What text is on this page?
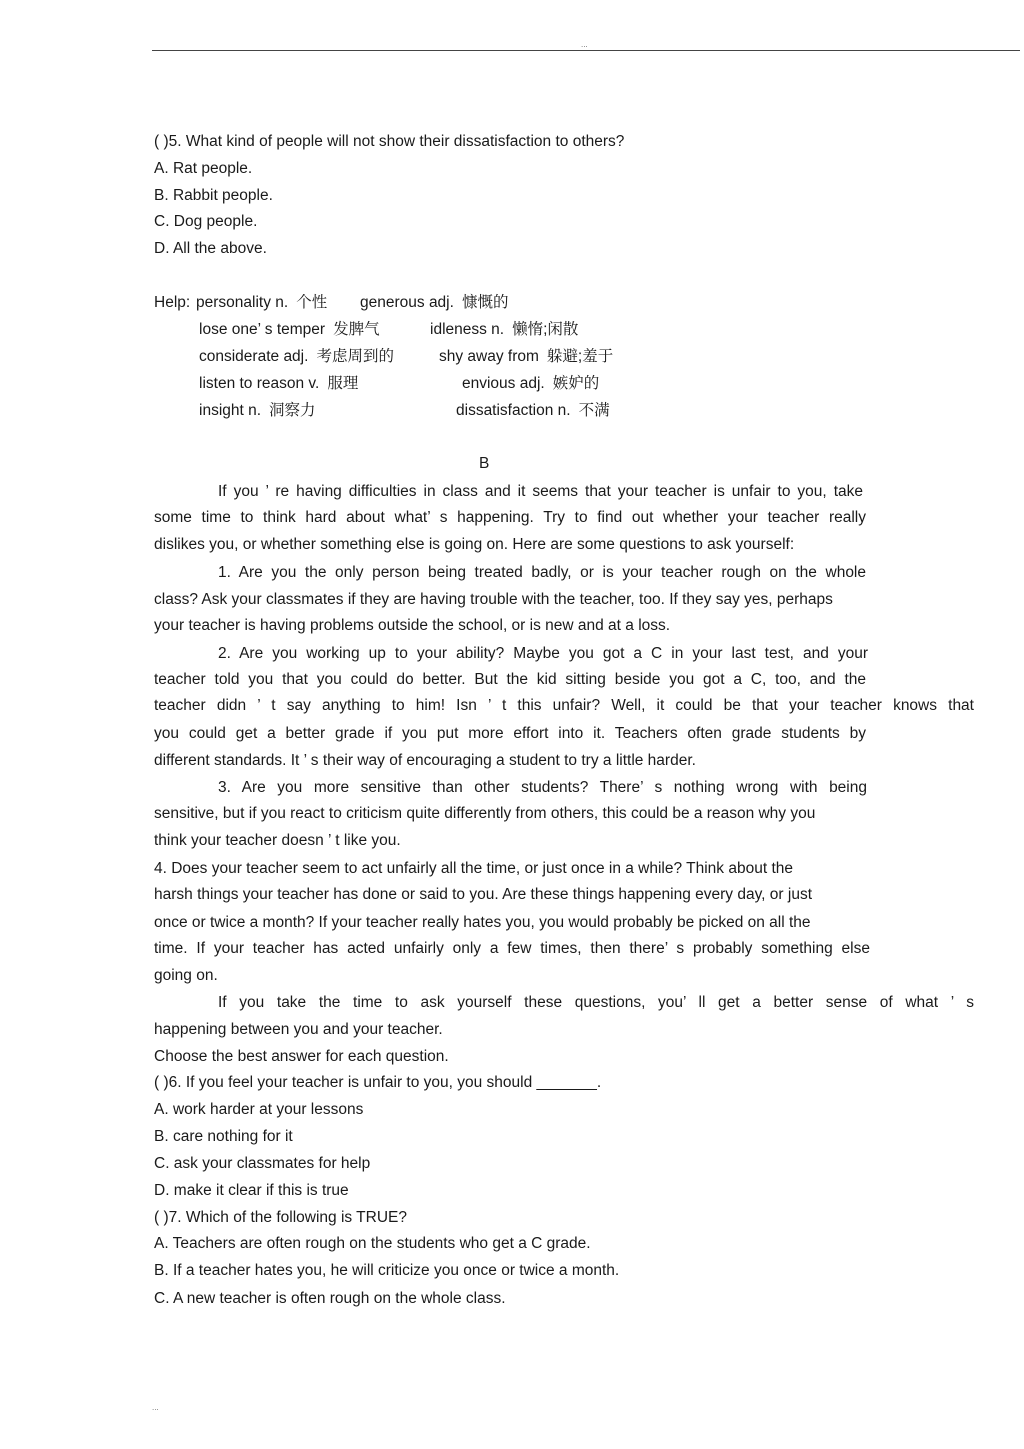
...
( )5. What kind of people will not show their dissatisfaction to others?
A. Rat people.
B. Rabbit people.
C. Dog people.
D. All the above.
Help: personality n. 个性 generous adj. 慷慨的
lose one’ s temper 发脾气	idleness n. 懒惰;闲散
considerate adj. 考虑周到的	shy away from 躲避;羞于
listen to reason v. 服理	envious adj. 嫉妒的
insight n. 洞察力	dissatisfaction n. 不满
B
If you ’ re having difficulties in class and it seems that your teacher is unfair to you, take
some time to think hard about what’ s happening. Try to find out whether your teacher really
dislikes you, or whether something else is going on. Here are some questions to ask yourself:
1. Are you the only person being treated badly, or is your teacher rough on the whole
class? Ask your classmates if they are having trouble with the teacher, too. If they say yes, perhaps
your teacher is having problems outside the school, or is new and at a loss.
2. Are you working up to your ability? Maybe you got a C in your last test, and your
teacher told you that you could do better. But the kid sitting beside you got a C, too, and the
teacher didn ’ t say anything to him! Isn ’ t this unfair? Well, it could be that your teacher knows that
you could get a better grade if you put more effort into it. Teachers often grade students by
different standards. It ’ s their way of encouraging a student to try a little harder.
3. Are you more sensitive than other students? There’ s nothing wrong with being
sensitive, but if you react to criticism quite differently from others, this could be a reason why you
think your teacher doesn ’ t like you.
4. Does your teacher seem to act unfairly all the time, or just once in a while? Think about the
harsh things your teacher has done or said to you. Are these things happening every day, or just
once or twice a month? If your teacher really hates you, you would probably be picked on all the
time. If your teacher has acted unfairly only a few times, then there’ s probably something else
going on.
If you take the time to ask yourself these questions, you’ ll get a better sense of what ’ s
happening between you and your teacher.
Choose the best answer for each question.
( )6. If you feel your teacher is unfair to you, you should _______.
A. work harder at your lessons
B. care nothing for it
C. ask your classmates for help
D. make it clear if this is true
( )7. Which of the following is TRUE?
A. Teachers are often rough on the students who get a C grade.
B. If a teacher hates you, he will criticize you once or twice a month.
C. A new teacher is often rough on the whole class.
...
